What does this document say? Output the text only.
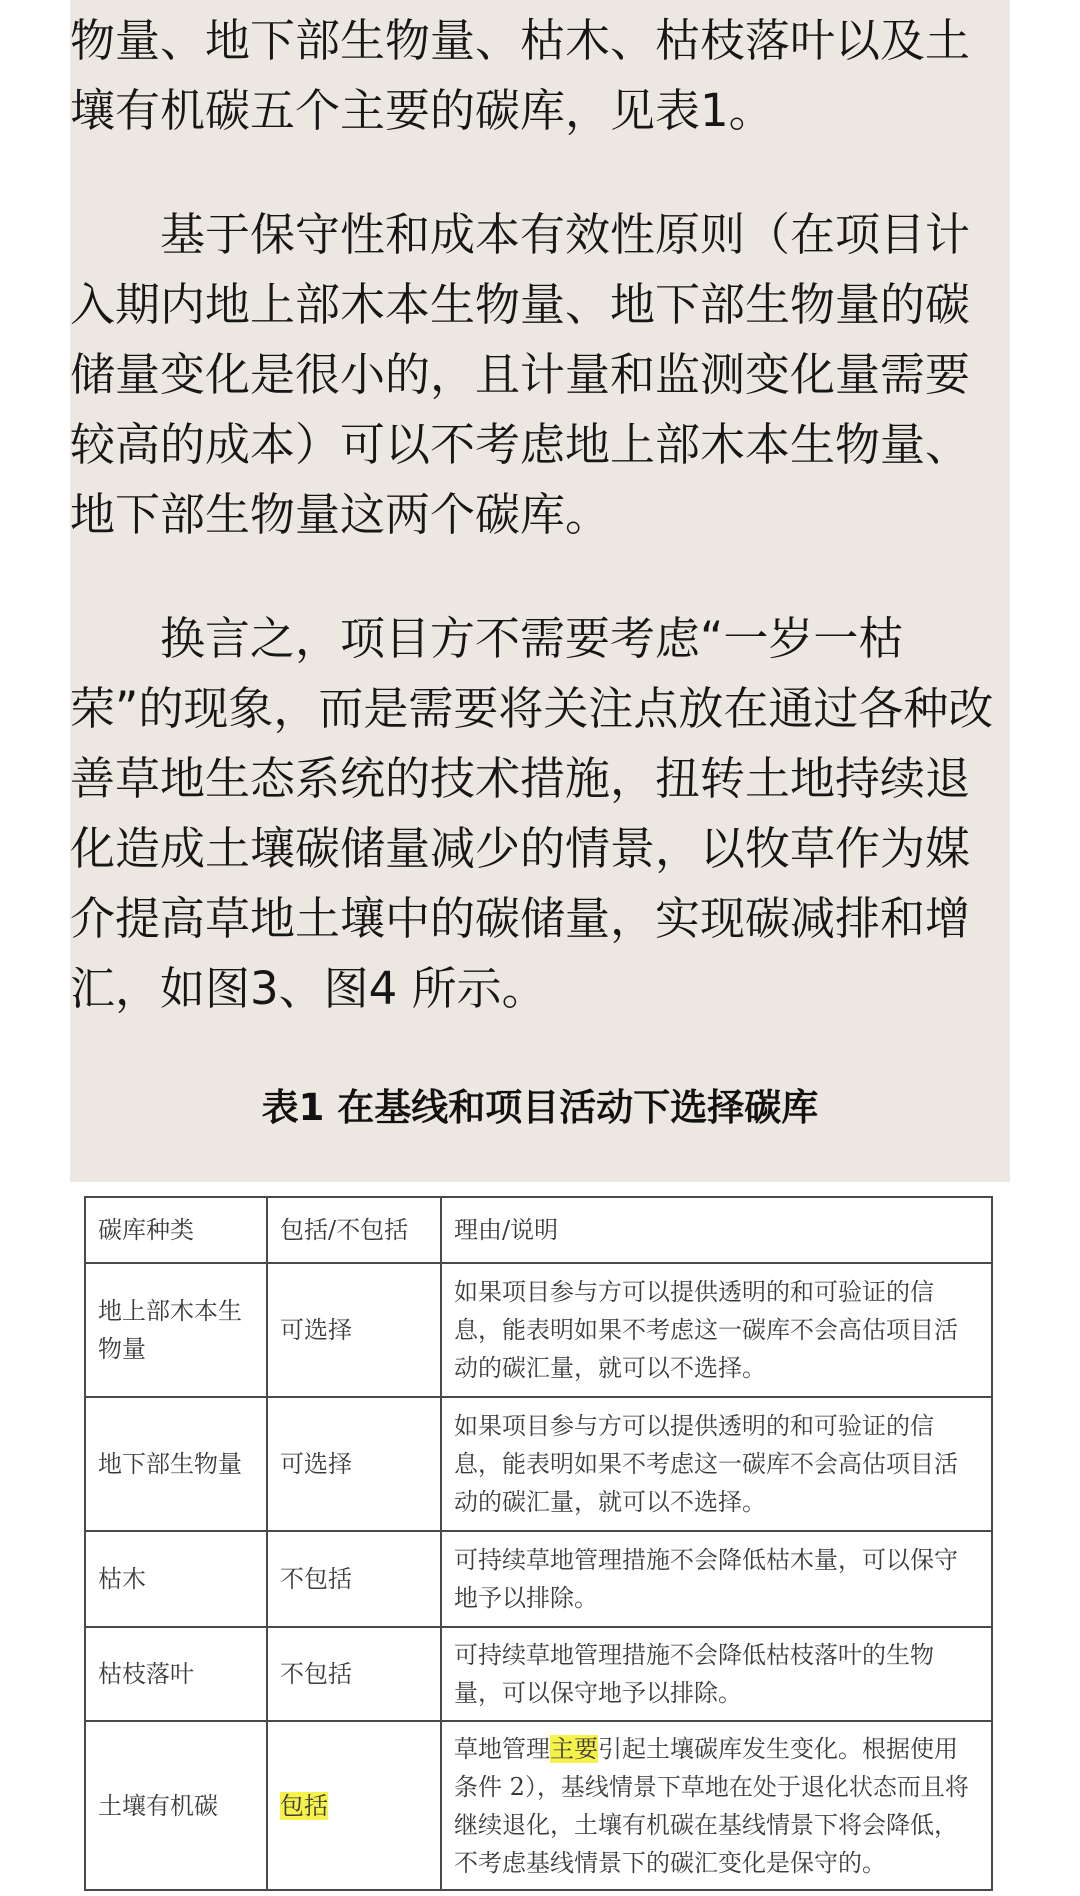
物量、地下部生物量、枯木、枯枝落叶以及土壤有机碳五个主要的碳库，见表1。

　　基于保守性和成本有效性原则（在项目计入期内地上部木本生物量、地下部生物量的碳储量变化是很小的，且计量和监测变化量需要较高的成本）可以不考虑地上部木本生物量、地下部生物量这两个碳库。

　　换言之，项目方不需要考虑“一岁一枯荣”的现象，而是需要将关注点放在通过各种改善草地生态系统的技术措施，扭转土地持续退化造成土壤碳储量减少的情景，以牧草作为媒介提高草地土壤中的碳储量，实现碳减排和增汇，如图3、图4 所示。

表1 在基线和项目活动下选择碳库

碳库种类	包括/不包括	理由/说明
地上部木本生物量	可选择	如果项目参与方可以提供透明的和可验证的信息，能表明如果不考虑这一碳库不会高估项目活动的碳汇量，就可以不选择。
地下部生物量	可选择	如果项目参与方可以提供透明的和可验证的信息，能表明如果不考虑这一碳库不会高估项目活动的碳汇量，就可以不选择。
枯木	不包括	可持续草地管理措施不会降低枯木量，可以保守地予以排除。
枯枝落叶	不包括	可持续草地管理措施不会降低枯枝落叶的生物量，可以保守地予以排除。
土壤有机碳	包括	草地管理主要引起土壤碳库发生变化。根据使用条件 2），基线情景下草地在处于退化状态而且将继续退化，土壤有机碳在基线情景下将会降低，不考虑基线情景下的碳汇变化是保守的。
